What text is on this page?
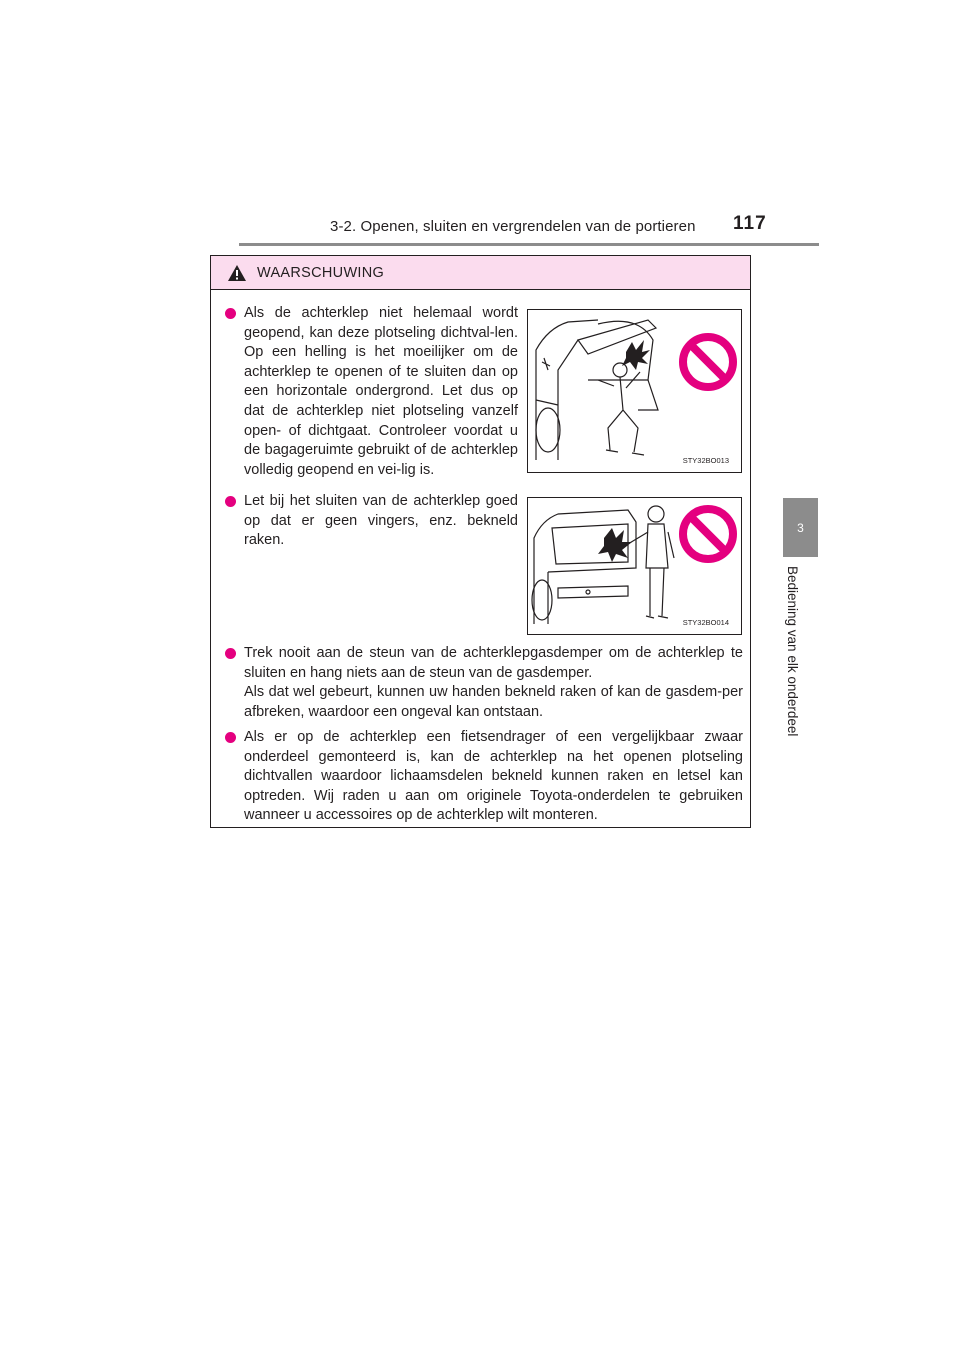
3-2. Openen, sluiten en vergrendelen van de portieren 117
3
Bediening van elk onderdeel
WAARSCHUWING

Als de achterklep niet helemaal wordt geopend, kan deze plotseling dichtval-len. Op een helling is het moeilijker om de achterklep te openen of te sluiten dan op een horizontale ondergrond. Let dus op dat de achterklep niet plotseling vanzelf open- of dichtgaat. Controleer voordat u de bagageruimte gebruikt of de achterklep volledig geopend en vei-lig is.

STY32BO013

Let bij het sluiten van de achterklep goed op dat er geen vingers, enz. bekneld raken.

STY32BO014

Trek nooit aan de steun van de achterklepgasdemper om de achterklep te sluiten en hang niets aan de steun van de gasdemper.

Als dat wel gebeurt, kunnen uw handen bekneld raken of kan de gasdem-per afbreken, waardoor een ongeval kan ontstaan.

Als er op de achterklep een fietsendrager of een vergelijkbaar zwaar onderdeel gemonteerd is, kan de achterklep na het openen plotseling dichtvallen waardoor lichaamsdelen bekneld kunnen raken en letsel kan optreden. Wij raden u aan om originele Toyota-onderdelen te gebruiken wanneer u accessoires op de achterklep wilt monteren.
